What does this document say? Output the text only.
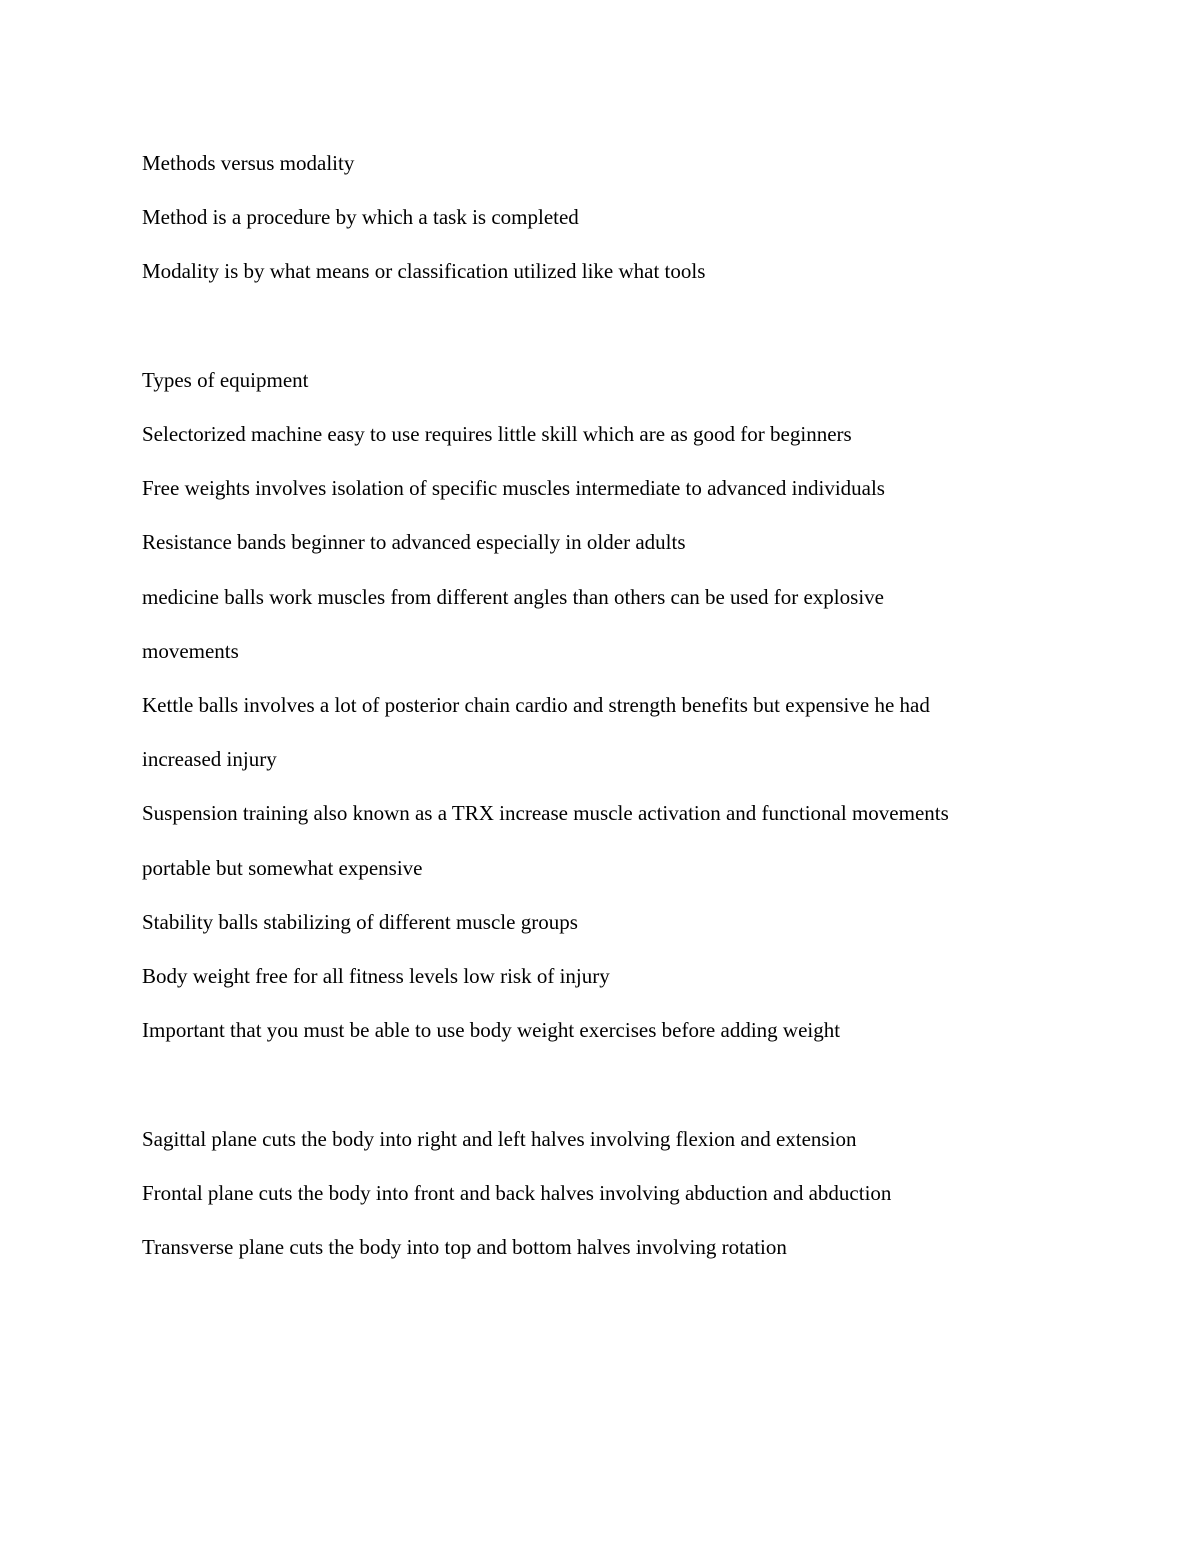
Methods versus modality

Method is a procedure by which a task is completed

Modality is by what means or classification utilized like what tools

Types of equipment

Selectorized machine easy to use requires little skill which are as good for beginners

Free weights involves isolation of specific muscles intermediate to advanced individuals

Resistance bands beginner to advanced especially in older adults

medicine balls work muscles from different angles than others can be used for explosive

movements

Kettle balls involves a lot of posterior chain cardio and strength benefits but expensive he had

increased injury

Suspension training also known as a TRX increase muscle activation and functional movements

portable but somewhat expensive

Stability balls stabilizing of different muscle groups

Body weight free for all fitness levels low risk of injury

Important that you must be able to use body weight exercises before adding weight

Sagittal plane cuts the body into right and left halves involving flexion and extension

Frontal plane cuts the body into front and back halves involving abduction and abduction

Transverse plane cuts the body into top and bottom halves involving rotation
